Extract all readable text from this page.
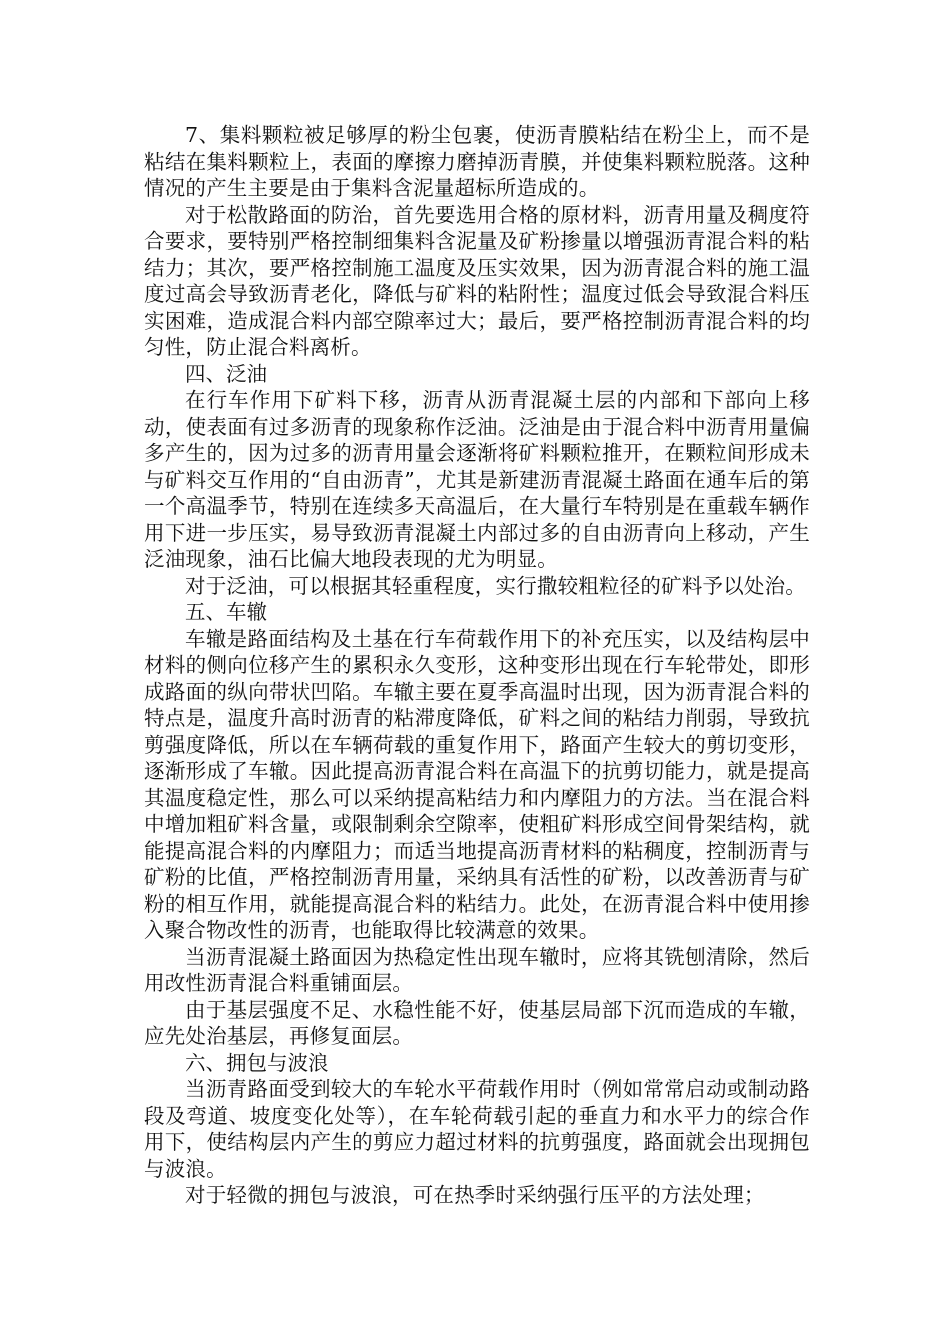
7、集料颗粒被足够厚的粉尘包裹，使沥青膜粘结在粉尘上，而不是粘结在集料颗粒上，表面的摩擦力磨掉沥青膜，并使集料颗粒脱落。这种情况的产生主要是由于集料含泥量超标所造成的。

对于松散路面的防治，首先要选用合格的原材料，沥青用量及稠度符合要求，要特别严格控制细集料含泥量及矿粉掺量以增强沥青混合料的粘结力；其次，要严格控制施工温度及压实效果，因为沥青混合料的施工温度过高会导致沥青老化，降低与矿料的粘附性；温度过低会导致混合料压实困难，造成混合料内部空隙率过大；最后，要严格控制沥青混合料的均匀性，防止混合料离析。

四、泛油

在行车作用下矿料下移，沥青从沥青混凝土层的内部和下部向上移动，使表面有过多沥青的现象称作泛油。泛油是由于混合料中沥青用量偏多产生的，因为过多的沥青用量会逐渐将矿料颗粒推开，在颗粒间形成未与矿料交互作用的“自由沥青”，尤其是新建沥青混凝土路面在通车后的第一个高温季节，特别在连续多天高温后，在大量行车特别是在重载车辆作用下进一步压实，易导致沥青混凝土内部过多的自由沥青向上移动，产生泛油现象，油石比偏大地段表现的尤为明显。

对于泛油，可以根据其轻重程度，实行撒较粗粒径的矿料予以处治。

五、车辙

车辙是路面结构及土基在行车荷载作用下的补充压实，以及结构层中材料的侧向位移产生的累积永久变形，这种变形出现在行车轮带处，即形成路面的纵向带状凹陷。车辙主要在夏季高温时出现，因为沥青混合料的特点是，温度升高时沥青的粘滞度降低，矿料之间的粘结力削弱，导致抗剪强度降低，所以在车辆荷载的重复作用下，路面产生较大的剪切变形，逐渐形成了车辙。因此提高沥青混合料在高温下的抗剪切能力，就是提高其温度稳定性，那么可以采纳提高粘结力和内摩阻力的方法。当在混合料中增加粗矿料含量，或限制剩余空隙率，使粗矿料形成空间骨架结构，就能提高混合料的内摩阻力；而适当地提高沥青材料的粘稠度，控制沥青与矿粉的比值，严格控制沥青用量，采纳具有活性的矿粉，以改善沥青与矿粉的相互作用，就能提高混合料的粘结力。此处，在沥青混合料中使用掺入聚合物改性的沥青，也能取得比较满意的效果。

当沥青混凝土路面因为热稳定性出现车辙时，应将其铣刨清除，然后用改性沥青混合料重铺面层。

由于基层强度不足、水稳性能不好，使基层局部下沉而造成的车辙，应先处治基层，再修复面层。

六、拥包与波浪

当沥青路面受到较大的车轮水平荷载作用时（例如常常启动或制动路段及弯道、坡度变化处等），在车轮荷载引起的垂直力和水平力的综合作用下，使结构层内产生的剪应力超过材料的抗剪强度，路面就会出现拥包与波浪。

对于轻微的拥包与波浪，可在热季时采纳强行压平的方法处理；
